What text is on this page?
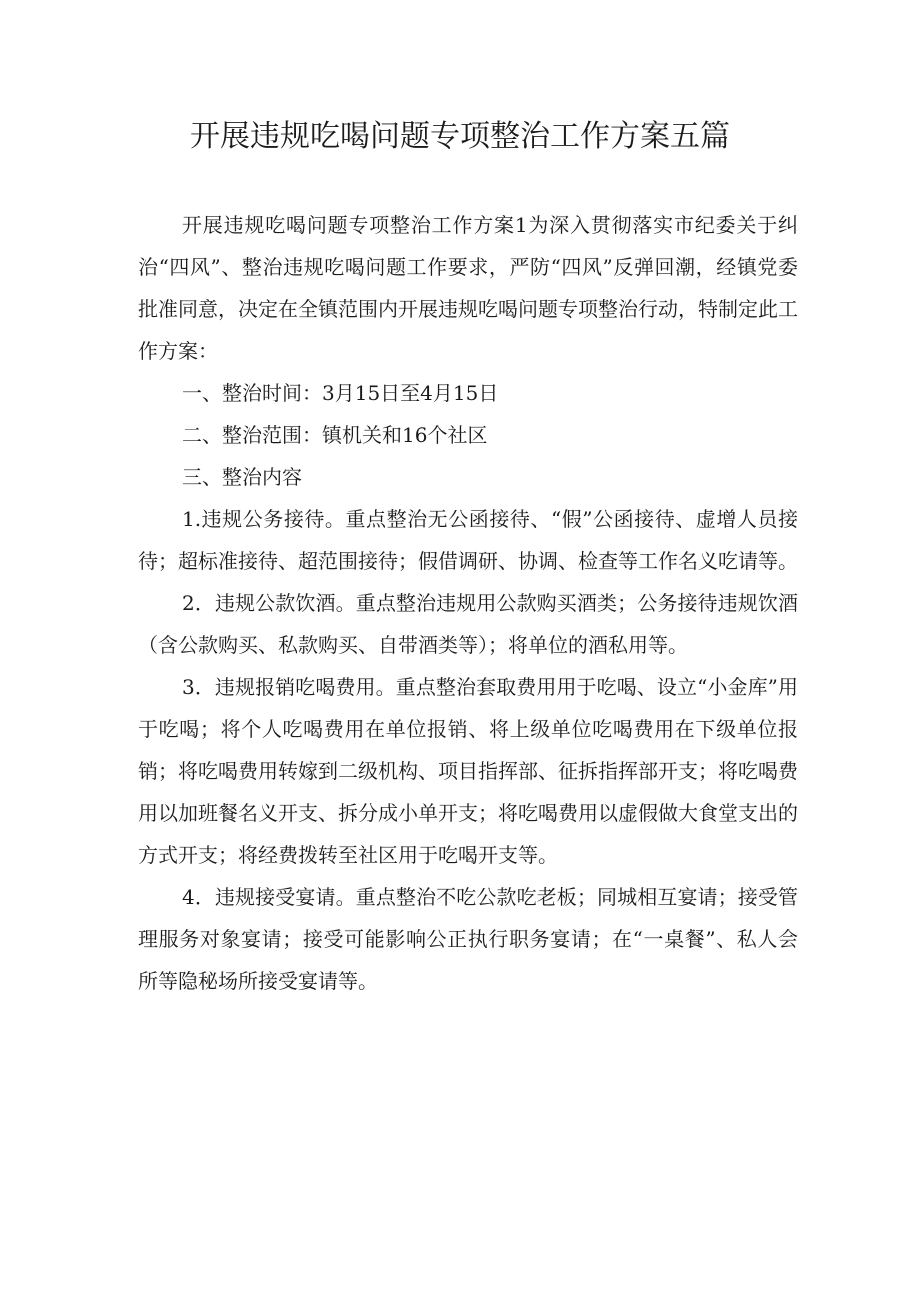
开展违规吃喝问题专项整治工作方案五篇

开展违规吃喝问题专项整治工作方案1为深入贯彻落实市纪委关于纠治“四风”、整治违规吃喝问题工作要求，严防“四风”反弹回潮，经镇党委批准同意，决定在全镇范围内开展违规吃喝问题专项整治行动，特制定此工作方案：

一、整治时间：3月15日至4月15日

二、整治范围：镇机关和16个社区

三、整治内容

1.违规公务接待。重点整治无公函接待、“假”公函接待、虚增人员接待；超标准接待、超范围接待；假借调研、协调、检查等工作名义吃请等。

2．违规公款饮酒。重点整治违规用公款购买酒类；公务接待违规饮酒（含公款购买、私款购买、自带酒类等）；将单位的酒私用等。

3．违规报销吃喝费用。重点整治套取费用用于吃喝、设立“小金库”用于吃喝；将个人吃喝费用在单位报销、将上级单位吃喝费用在下级单位报销；将吃喝费用转嫁到二级机构、项目指挥部、征拆指挥部开支；将吃喝费用以加班餐名义开支、拆分成小单开支；将吃喝费用以虚假做大食堂支出的方式开支；将经费拨转至社区用于吃喝开支等。

4．违规接受宴请。重点整治不吃公款吃老板；同城相互宴请；接受管理服务对象宴请；接受可能影响公正执行职务宴请；在“一桌餐”、私人会所等隐秘场所接受宴请等。
